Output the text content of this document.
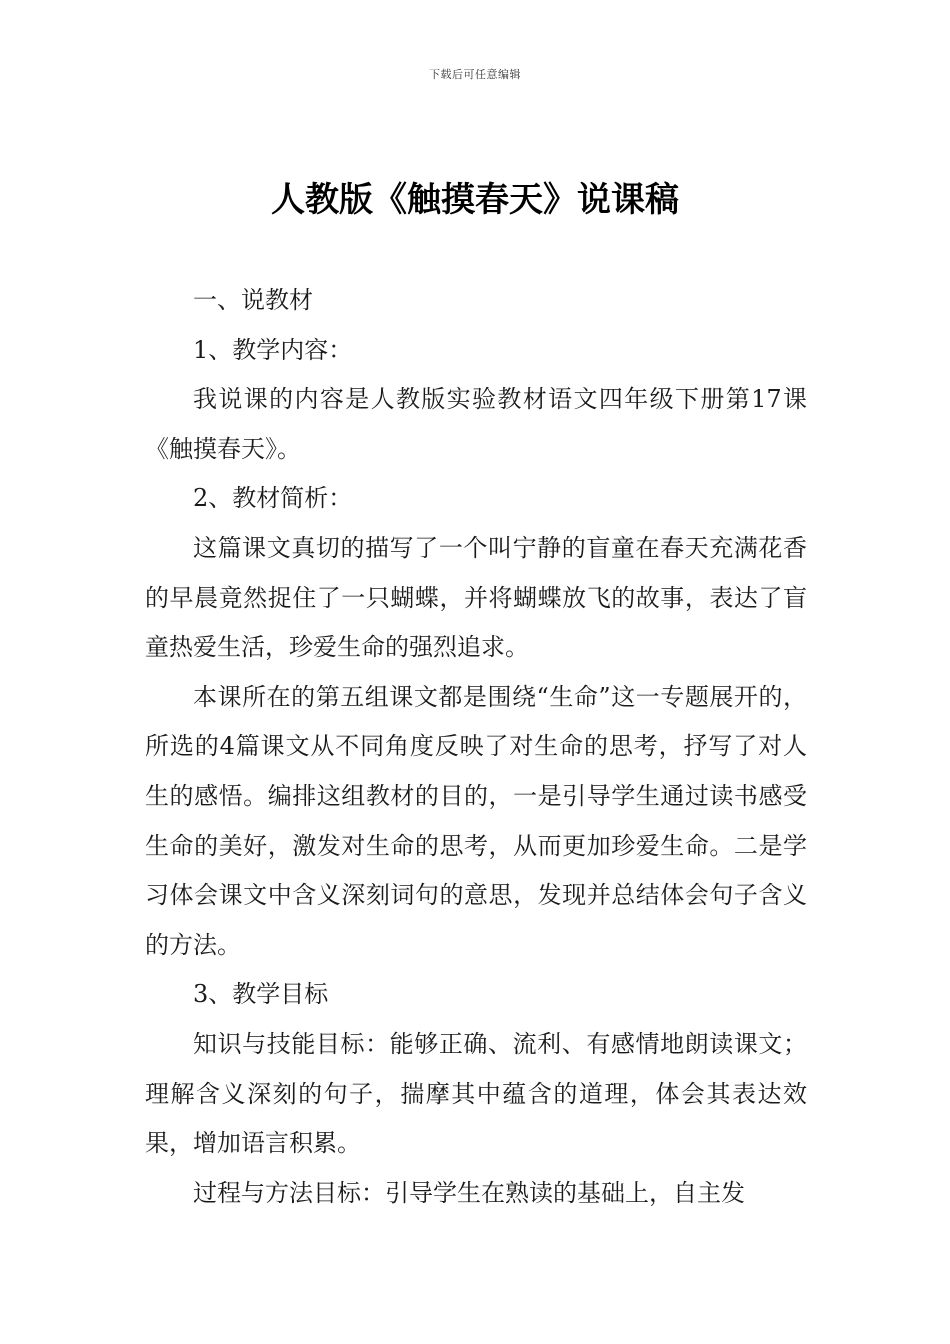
下载后可任意编辑
人教版《触摸春天》说课稿

一、说教材

1、教学内容：

我说课的内容是人教版实验教材语文四年级下册第17课《触摸春天》。

2、教材简析：

这篇课文真切的描写了一个叫宁静的盲童在春天充满花香的早晨竟然捉住了一只蝴蝶，并将蝴蝶放飞的故事，表达了盲童热爱生活，珍爱生命的强烈追求。

本课所在的第五组课文都是围绕“生命”这一专题展开的，所选的4篇课文从不同角度反映了对生命的思考，抒写了对人生的感悟。编排这组教材的目的，一是引导学生通过读书感受生命的美好，激发对生命的思考，从而更加珍爱生命。二是学习体会课文中含义深刻词句的意思，发现并总结体会句子含义的方法。

3、教学目标

知识与技能目标：能够正确、流利、有感情地朗读课文；理解含义深刻的句子，揣摩其中蕴含的道理，体会其表达效果，增加语言积累。

过程与方法目标：引导学生在熟读的基础上，自主发
